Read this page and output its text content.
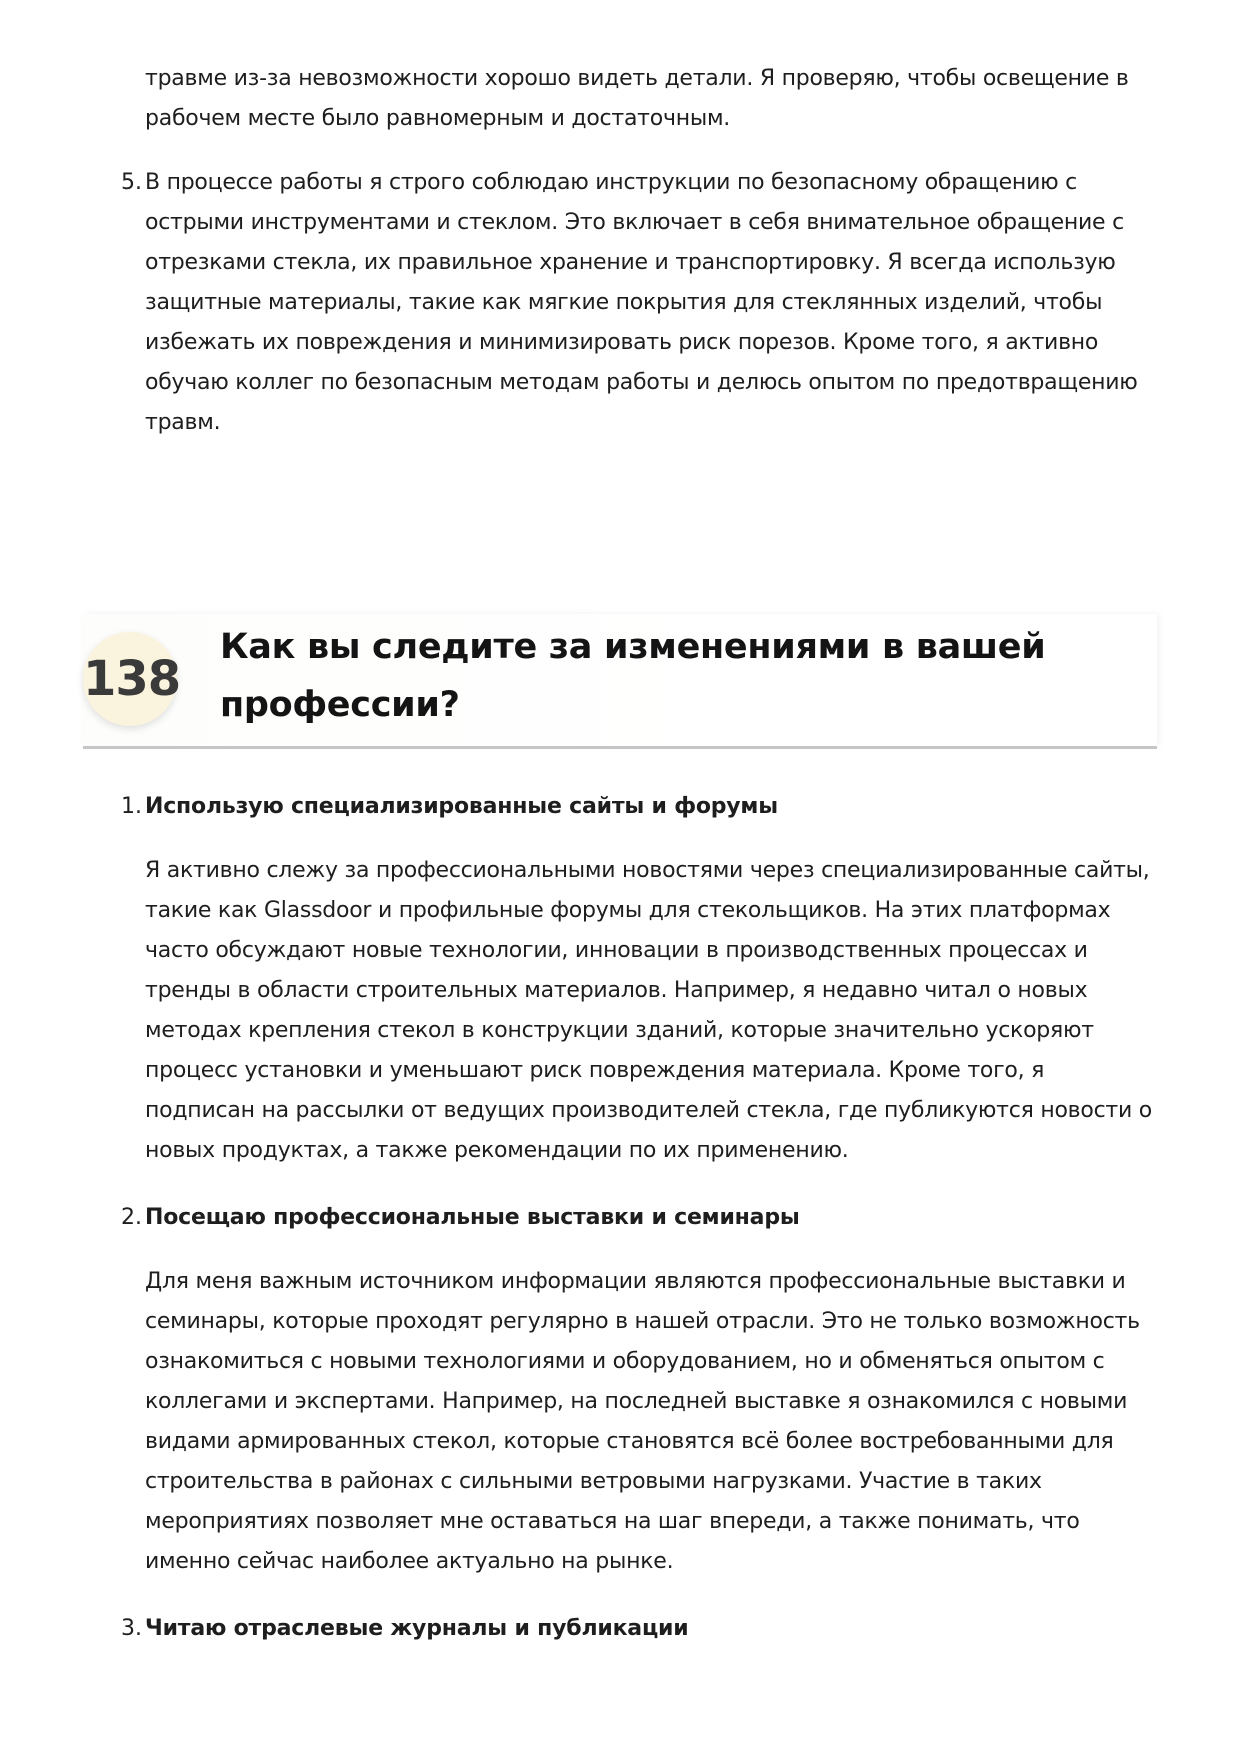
травме из-за невозможности хорошо видеть детали. Я проверяю, чтобы освещение в
рабочем месте было равномерным и достаточным.
5. В процессе работы я строго соблюдаю инструкции по безопасному обращению с
острыми инструментами и стеклом. Это включает в себя внимательное обращение с
отрезками стекла, их правильное хранение и транспортировку. Я всегда использую
защитные материалы, такие как мягкие покрытия для стеклянных изделий, чтобы
избежать их повреждения и минимизировать риск порезов. Кроме того, я активно
обучаю коллег по безопасным методам работы и делюсь опытом по предотвращению
травм.
138
Как вы следите за изменениями в вашей
профессии?
1. Использую специализированные сайты и форумы
Я активно слежу за профессиональными новостями через специализированные сайты,
такие как Glassdoor и профильные форумы для стекольщиков. На этих платформах
часто обсуждают новые технологии, инновации в производственных процессах и
тренды в области строительных материалов. Например, я недавно читал о новых
методах крепления стекол в конструкции зданий, которые значительно ускоряют
процесс установки и уменьшают риск повреждения материала. Кроме того, я
подписан на рассылки от ведущих производителей стекла, где публикуются новости о
новых продуктах, а также рекомендации по их применению.
2. Посещаю профессиональные выставки и семинары
Для меня важным источником информации являются профессиональные выставки и
семинары, которые проходят регулярно в нашей отрасли. Это не только возможность
ознакомиться с новыми технологиями и оборудованием, но и обменяться опытом с
коллегами и экспертами. Например, на последней выставке я ознакомился с новыми
видами армированных стекол, которые становятся всё более востребованными для
строительства в районах с сильными ветровыми нагрузками. Участие в таких
мероприятиях позволяет мне оставаться на шаг впереди, а также понимать, что
именно сейчас наиболее актуально на рынке.
3. Читаю отраслевые журналы и публикации
